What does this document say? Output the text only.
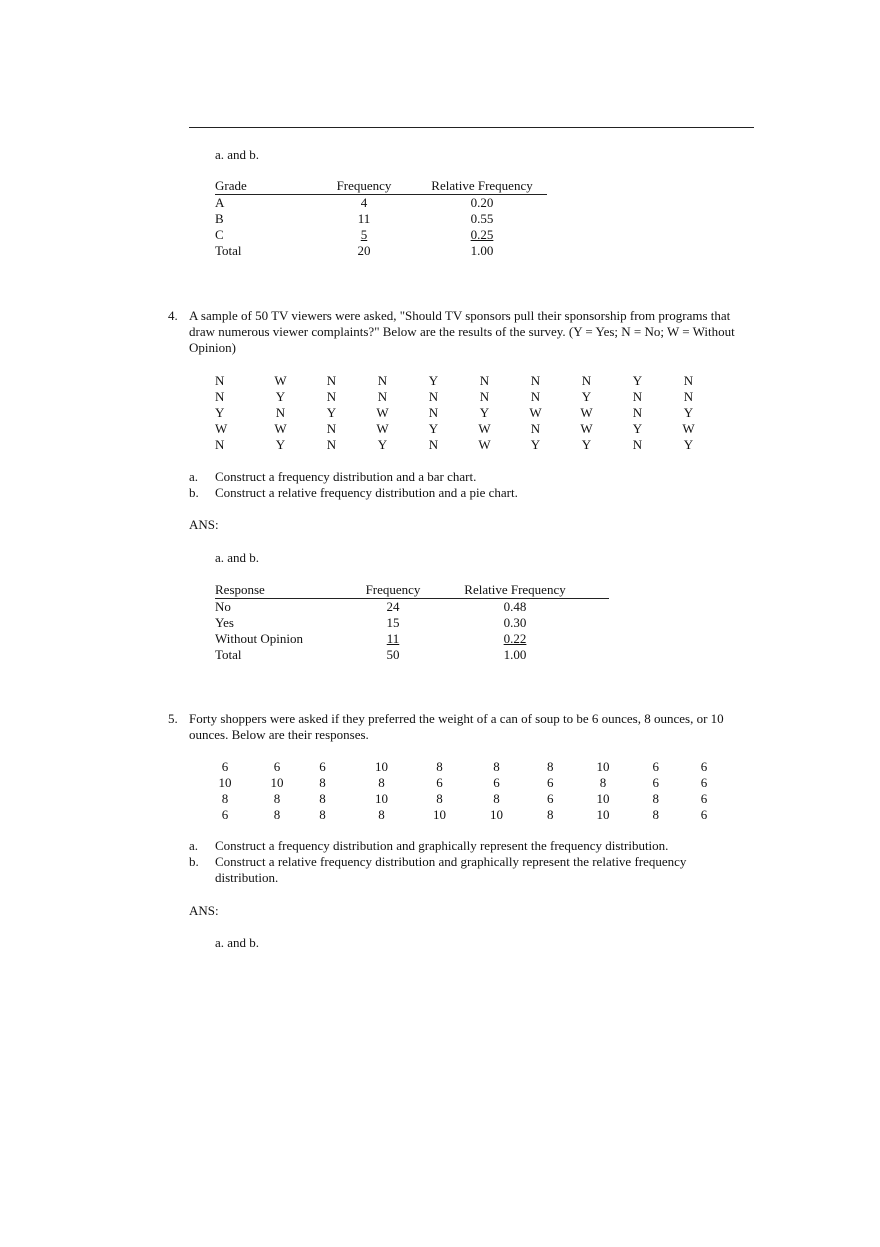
a. and b.
Grade	Frequency	Relative Frequency
A	4	0.20
B	11	0.55
C	5	0.25
Total	20	1.00
4. A sample of 50 TV viewers were asked, "Should TV sponsors pull their sponsorship from programs that draw numerous viewer complaints?" Below are the results of the survey. (Y = Yes; N = No; W = Without Opinion)
N	W	N	N	Y	N	N	N	Y	N
N	Y	N	N	N	N	N	Y	N	N
Y	N	Y	W	N	Y	W	W	N	Y
W	W	N	W	Y	W	N	W	Y	W
N	Y	N	Y	N	W	Y	Y	N	Y
a. Construct a frequency distribution and a bar chart.
b. Construct a relative frequency distribution and a pie chart.
ANS:
a. and b.
Response	Frequency	Relative Frequency
No	24	0.48
Yes	15	0.30
Without Opinion	11	0.22
Total	50	1.00
5. Forty shoppers were asked if they preferred the weight of a can of soup to be 6 ounces, 8 ounces, or 10 ounces. Below are their responses.
6	6	6	10	8	8	8	10	6	6
10	10	8	8	6	6	6	8	6	6
8	8	8	10	8	8	6	10	8	6
6	8	8	8	10	10	8	10	8	6
a. Construct a frequency distribution and graphically represent the frequency distribution.
b. Construct a relative frequency distribution and graphically represent the relative frequency distribution.
ANS:
a. and b.
